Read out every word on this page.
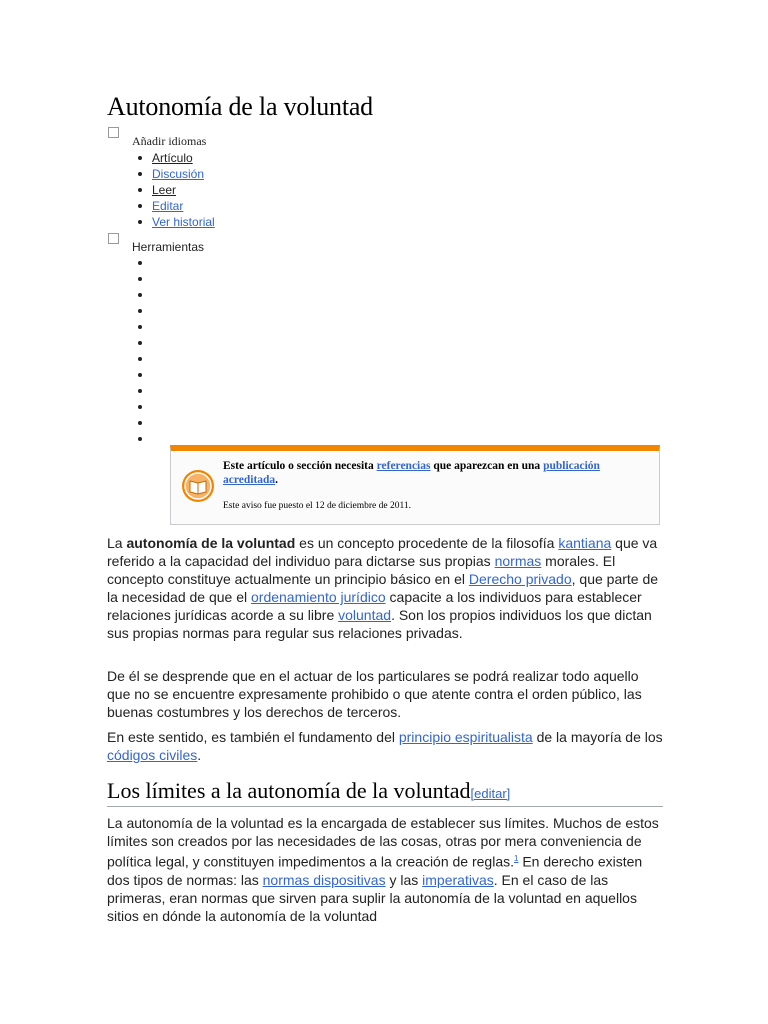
Autonomía de la voluntad
Añadir idiomas
Artículo
Discusión
Leer
Editar
Ver historial
Herramientas
Este artículo o sección necesita referencias que aparezcan en una publicación acreditada.
Este aviso fue puesto el 12 de diciembre de 2011.

La autonomía de la voluntad es un concepto procedente de la filosofía kantiana que va referido a la capacidad del individuo para dictarse sus propias normas morales. El concepto constituye actualmente un principio básico en el Derecho privado, que parte de la necesidad de que el ordenamiento jurídico capacite a los individuos para establecer relaciones jurídicas acorde a su libre voluntad. Son los propios individuos los que dictan sus propias normas para regular sus relaciones privadas.

De él se desprende que en el actuar de los particulares se podrá realizar todo aquello que no se encuentre expresamente prohibido o que atente contra el orden público, las buenas costumbres y los derechos de terceros.

En este sentido, es también el fundamento del principio espiritualista de la mayoría de los códigos civiles.

Los límites a la autonomía de la voluntad[editar]

La autonomía de la voluntad es la encargada de establecer sus límites. Muchos de estos límites son creados por las necesidades de las cosas, otras por mera conveniencia de política legal, y constituyen impedimentos a la creación de reglas.$^1$ En derecho existen dos tipos de normas: las normas dispositivas y las imperativas. En el caso de las primeras, eran normas que sirven para suplir la autonomía de la voluntad en aquellos sitios en dónde la autonomía de la voluntad
